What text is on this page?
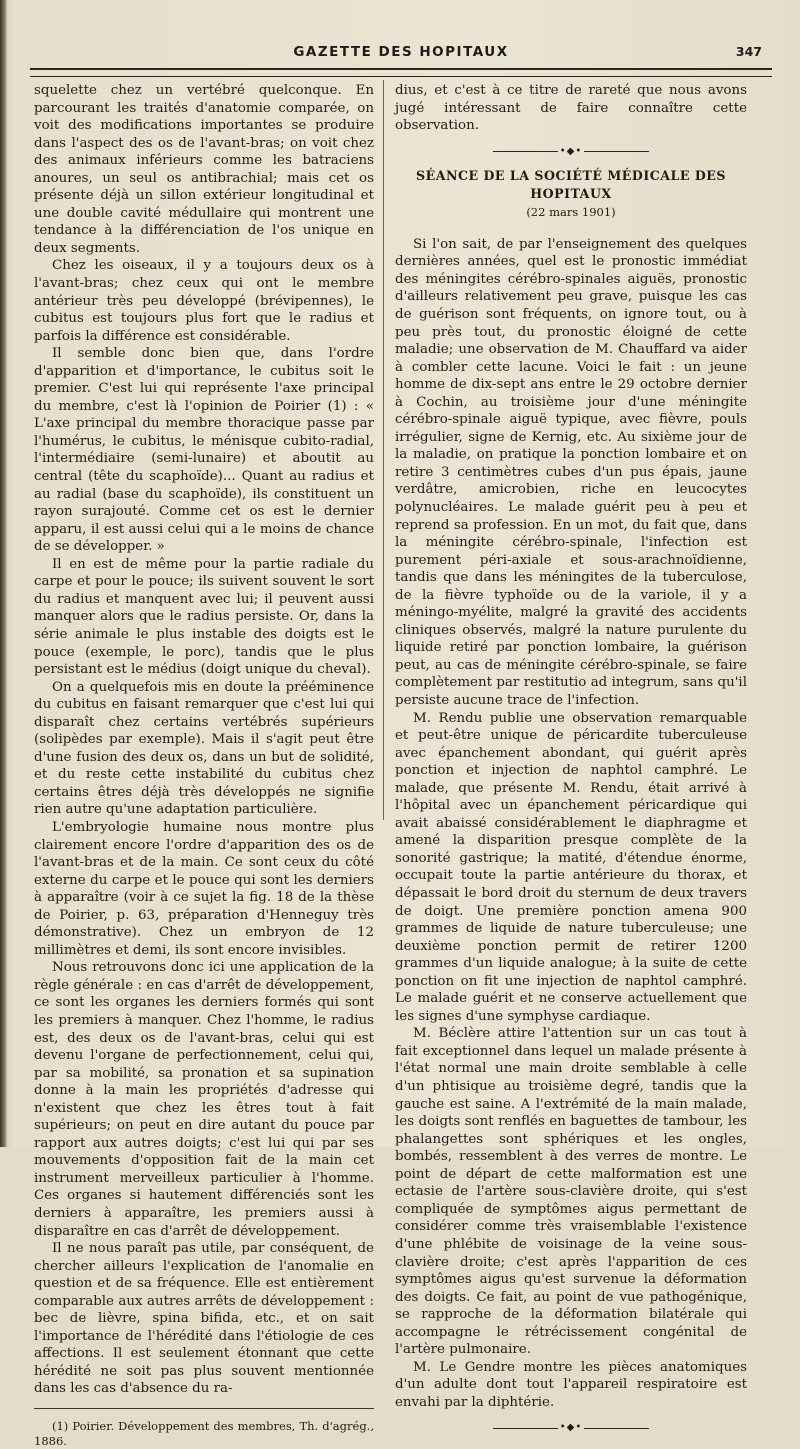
GAZETTE DES HOPITAUX	347

squelette chez un vertébré quelconque. En parcourant les traités d'anatomie comparée, on voit des modifications importantes se produire dans l'aspect des os de l'avant-bras; on voit chez des animaux inférieurs comme les batraciens anoures, un seul os antibrachial; mais cet os présente déjà un sillon extérieur longitudinal et une double cavité médullaire qui montrent une tendance à la différenciation de l'os unique en deux segments.

Chez les oiseaux, il y a toujours deux os à l'avant-bras; chez ceux qui ont le membre antérieur très peu développé (brévipennes), le cubitus est toujours plus fort que le radius et parfois la différence est considérable.

Il semble donc bien que, dans l'ordre d'apparition et d'importance, le cubitus soit le premier. C'est lui qui représente l'axe principal du membre, c'est là l'opinion de Poirier (1) : « L'axe principal du membre thoracique passe par l'humérus, le cubitus, le ménisque cubito-radial, l'intermédiaire (semi-lunaire) et aboutit au central (tête du scaphoïde)... Quant au radius et au radial (base du scaphoïde), ils constituent un rayon surajouté. Comme cet os est le dernier apparu, il est aussi celui qui a le moins de chance de se développer. »

Il en est de même pour la partie radiale du carpe et pour le pouce; ils suivent souvent le sort du radius et manquent avec lui; il peuvent aussi manquer alors que le radius persiste. Or, dans la série animale le plus instable des doigts est le pouce (exemple, le porc), tandis que le plus persistant est le médius (doigt unique du cheval).

On a quelquefois mis en doute la prééminence du cubitus en faisant remarquer que c'est lui qui disparaît chez certains vertébrés supérieurs (solipèdes par exemple). Mais il s'agit peut être d'une fusion des deux os, dans un but de solidité, et du reste cette instabilité du cubitus chez certains êtres déjà très développés ne signifie rien autre qu'une adaptation particulière.

L'embryologie humaine nous montre plus clairement encore l'ordre d'apparition des os de l'avant-bras et de la main. Ce sont ceux du côté externe du carpe et le pouce qui sont les derniers à apparaître (voir à ce sujet la fig. 18 de la thèse de Poirier, p. 63, préparation d'Henneguy très démonstrative). Chez un embryon de 12 millimètres et demi, ils sont encore invisibles.

Nous retrouvons donc ici une application de la règle générale : en cas d'arrêt de développement, ce sont les organes les derniers formés qui sont les premiers à manquer. Chez l'homme, le radius est, des deux os de l'avant-bras, celui qui est devenu l'organe de perfectionnement, celui qui, par sa mobilité, sa pronation et sa supination donne à la main les propriétés d'adresse qui n'existent que chez les êtres tout à fait supérieurs; on peut en dire autant du pouce par rapport aux autres doigts; c'est lui qui par ses mouvements d'opposition fait de la main cet instrument merveilleux particulier à l'homme. Ces organes si hautement différenciés sont les derniers à apparaître, les premiers aussi à disparaître en cas d'arrêt de développement.

Il ne nous paraît pas utile, par conséquent, de chercher ailleurs l'explication de l'anomalie en question et de sa fréquence. Elle est entièrement comparable aux autres arrêts de développement : bec de lièvre, spina bifida, etc., et on sait l'importance de l'hérédité dans l'étiologie de ces affections. Il est seulement étonnant que cette hérédité ne soit pas plus souvent mentionnée dans les cas d'absence du ra-

(1) Poirier. Développement des membres, Th. d'agrég., 1886.

dius, et c'est à ce titre de rareté que nous avons jugé intéressant de faire connaître cette observation.

•◆•
SÉANCE DE LA SOCIÉTÉ MÉDICALE DES HOPITAUX
(22 mars 1901)

Si l'on sait, de par l'enseignement des quelques dernières années, quel est le pronostic immédiat des méningites cérébro-spinales aiguës, pronostic d'ailleurs relativement peu grave, puisque les cas de guérison sont fréquents, on ignore tout, ou à peu près tout, du pronostic éloigné de cette maladie; une observation de M. Chauffard va aider à combler cette lacune. Voici le fait : un jeune homme de dix-sept ans entre le 29 octobre dernier à Cochin, au troisième jour d'une méningite cérébro-spinale aiguë typique, avec fièvre, pouls irrégulier, signe de Kernig, etc. Au sixième jour de la maladie, on pratique la ponction lombaire et on retire 3 centimètres cubes d'un pus épais, jaune verdâtre, amicrobien, riche en leucocytes polynucléaires. Le malade guérit peu à peu et reprend sa profession. En un mot, du fait que, dans la méningite cérébro-spinale, l'infection est purement péri-axiale et sous-arachnoïdienne, tandis que dans les méningites de la tuberculose, de la fièvre typhoïde ou de la variole, il y a méningo-myélite, malgré la gravité des accidents cliniques observés, malgré la nature purulente du liquide retiré par ponction lombaire, la guérison peut, au cas de méningite cérébro-spinale, se faire complètement par restitutio ad integrum, sans qu'il persiste aucune trace de l'infection.

M. Rendu publie une observation remarquable et peut-être unique de péricardite tuberculeuse avec épanchement abondant, qui guérit après ponction et injection de naphtol camphré. Le malade, que présente M. Rendu, était arrivé à l'hôpital avec un épanchement péricardique qui avait abaissé considérablement le diaphragme et amené la disparition presque complète de la sonorité gastrique; la matité, d'étendue énorme, occupait toute la partie antérieure du thorax, et dépassait le bord droit du sternum de deux travers de doigt. Une première ponction amena 900 grammes de liquide de nature tuberculeuse; une deuxième ponction permit de retirer 1200 grammes d'un liquide analogue; à la suite de cette ponction on fit une injection de naphtol camphré. Le malade guérit et ne conserve actuellement que les signes d'une symphyse cardiaque.

M. Béclère attire l'attention sur un cas tout à fait exceptionnel dans lequel un malade présente à l'état normal une main droite semblable à celle d'un phtisique au troisième degré, tandis que la gauche est saine. A l'extrémité de la main malade, les doigts sont renflés en baguettes de tambour, les phalangettes sont sphériques et les ongles, bombés, ressemblent à des verres de montre. Le point de départ de cette malformation est une ectasie de l'artère sous-clavière droite, qui s'est compliquée de symptômes aigus permettant de considérer comme très vraisemblable l'existence d'une phlébite de voisinage de la veine sous-clavière droite; c'est après l'apparition de ces symptômes aigus qu'est survenue la déformation des doigts. Ce fait, au point de vue pathogénique, se rapproche de la déformation bilatérale qui accompagne le rétrécissement congénital de l'artère pulmonaire.

M. Le Gendre montre les pièces anatomiques d'un adulte dont tout l'appareil respiratoire est envahi par la diphtérie.

•◆•
